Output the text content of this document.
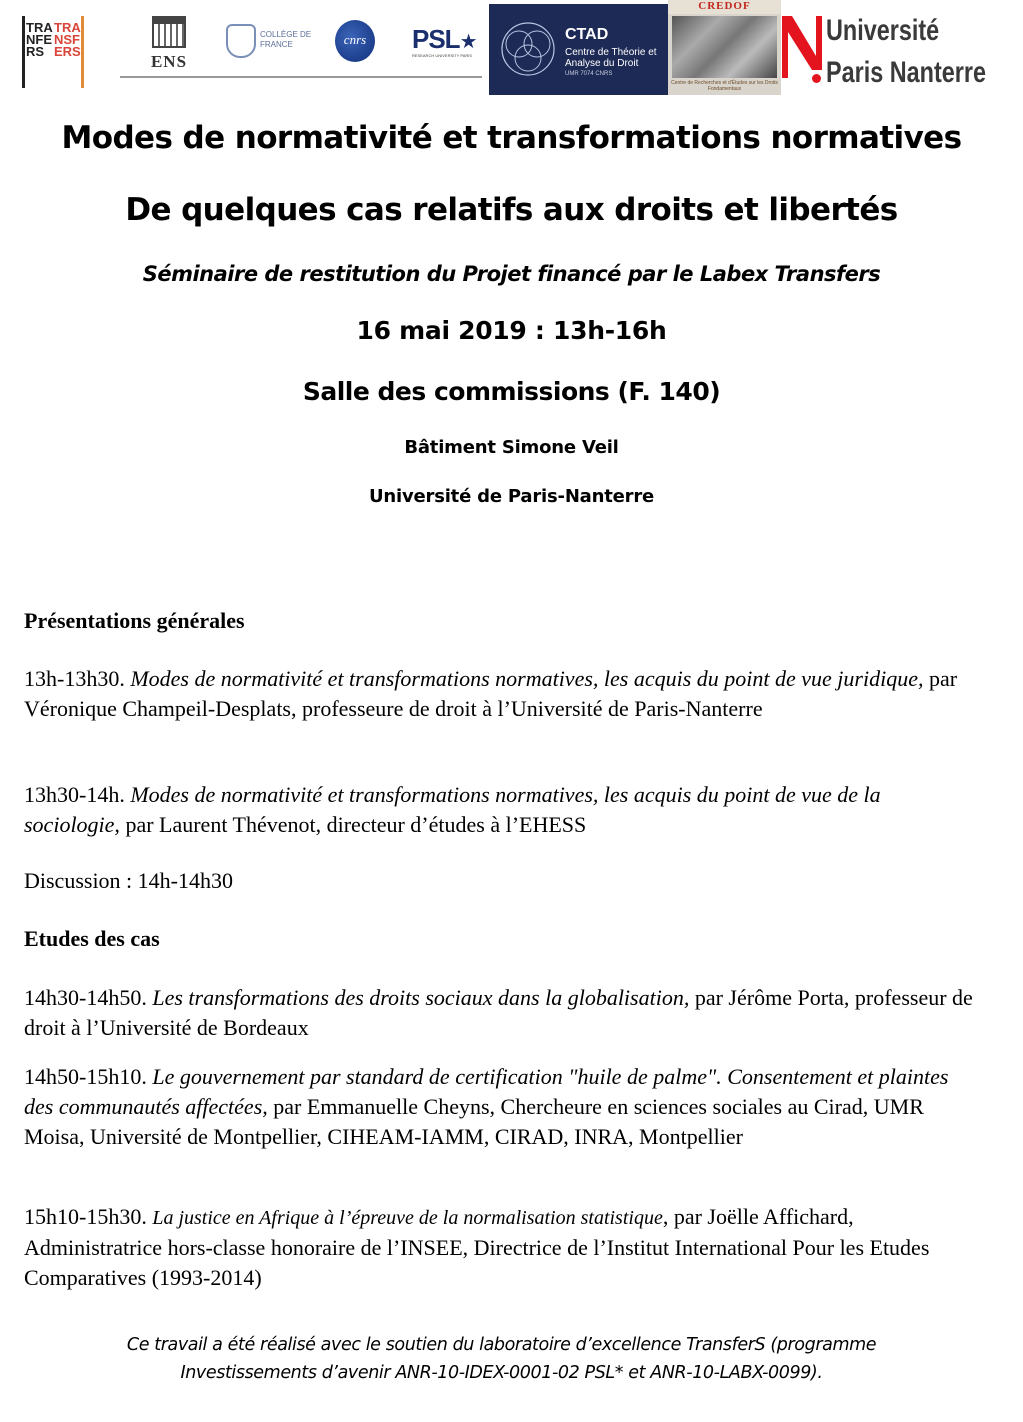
TRA NFE RS
TRA NSF ERS
ENS
COLLÈGE DE FRANCE	cnrs	PSL★
RESEARCH UNIVERSITY PARIS
CTAD
Centre de Théorie et Analyse du Droit
UMR 7074 CNRS
CREDOF
Centre de Recherches et d'Études sur les Droits Fondamentaux
Université
Paris Nanterre
Modes de normativité et transformations normatives
De quelques cas relatifs aux droits et libertés
Séminaire de restitution du Projet financé par le Labex Transfers
16 mai 2019 : 13h-16h
Salle des commissions (F. 140)
Bâtiment Simone Veil
Université de Paris-Nanterre
Présentations générales
13h-13h30. Modes de normativité et transformations normatives, les acquis du point de vue juridique, par Véronique Champeil-Desplats, professeure de droit à l’Université de Paris-Nanterre
13h30-14h. Modes de normativité et transformations normatives, les acquis du point de vue de la sociologie, par Laurent Thévenot, directeur d’études à l’EHESS
Discussion : 14h-14h30
Etudes des cas
14h30-14h50. Les transformations des droits sociaux dans la globalisation, par Jérôme Porta, professeur de droit à l’Université de Bordeaux
14h50-15h10. Le gouvernement par standard de certification "huile de palme". Consentement et plaintes des communautés affectées, par Emmanuelle Cheyns, Chercheure en sciences sociales au Cirad, UMR Moisa, Université de Montpellier, CIHEAM-IAMM, CIRAD, INRA, Montpellier
15h10-15h30. La justice en Afrique à l’épreuve de la normalisation statistique, par Joëlle Affichard, Administratrice hors-classe honoraire de l’INSEE, Directrice de l’Institut International Pour les Etudes Comparatives (1993-2014)
Ce travail a été réalisé avec le soutien du laboratoire d’excellence TransferS (programme
Investissements d’avenir ANR-10-IDEX-0001-02 PSL* et ANR-10-LABX-0099).
